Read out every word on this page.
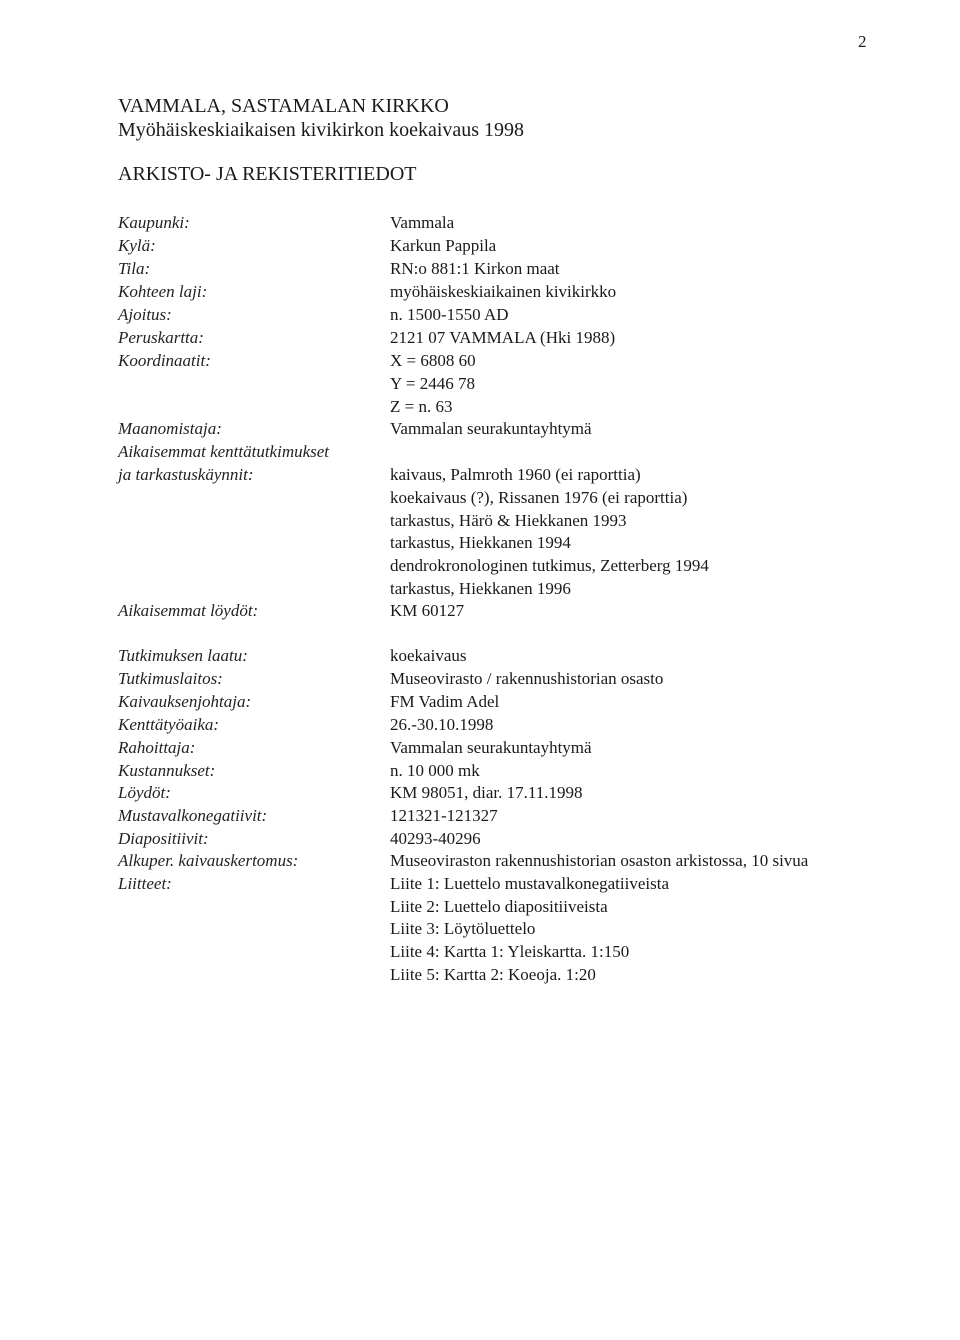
2
VAMMALA, SASTAMALAN KIRKKO
Myöhäiskeskiaikaisen kivikirkon koekaivaus 1998
ARKISTO- JA REKISTERITIEDOT
Kaupunki:
Kylä:
Tila:
Kohteen laji:
Ajoitus:
Peruskartta:
Koordinaatit:
Maanomistaja:
Aikaisemmat kenttätutkimukset
ja tarkastuskäynnit:
Aikaisemmat löydöt:
Tutkimuksen laatu:
Tutkimuslaitos:
Kaivauksenjohtaja:
Kenttätyöaika:
Rahoittaja:
Kustannukset:
Löydöt:
Mustavalkonegatiivit:
Diapositiivit:
Alkuper. kaivauskertomus:
Liitteet:
Vammala
Karkun Pappila
RN:o 881:1 Kirkon maat
myöhäiskeskiaikainen kivikirkko
n. 1500-1550 AD
2121 07 VAMMALA (Hki 1988)
X = 6808 60
Y = 2446 78
Z = n. 63
Vammalan seurakuntayhtymä
kaivaus, Palmroth 1960 (ei raporttia)
koekaivaus (?), Rissanen 1976 (ei raporttia)
tarkastus, Härö & Hiekkanen 1993
tarkastus, Hiekkanen 1994
dendrokronologinen tutkimus, Zetterberg 1994
tarkastus, Hiekkanen 1996
KM 60127
koekaivaus
Museovirasto / rakennushistorian osasto
FM Vadim Adel
26.-30.10.1998
Vammalan seurakuntayhtymä
n. 10 000 mk
KM 98051, diar. 17.11.1998
121321-121327
40293-40296
Museoviraston rakennushistorian osaston arkistossa, 10 sivua
Liite 1: Luettelo mustavalkonegatiiveista
Liite 2: Luettelo diapositiiveista
Liite 3: Löytöluettelo
Liite 4: Kartta 1: Yleiskartta. 1:150
Liite 5: Kartta 2: Koeoja. 1:20
